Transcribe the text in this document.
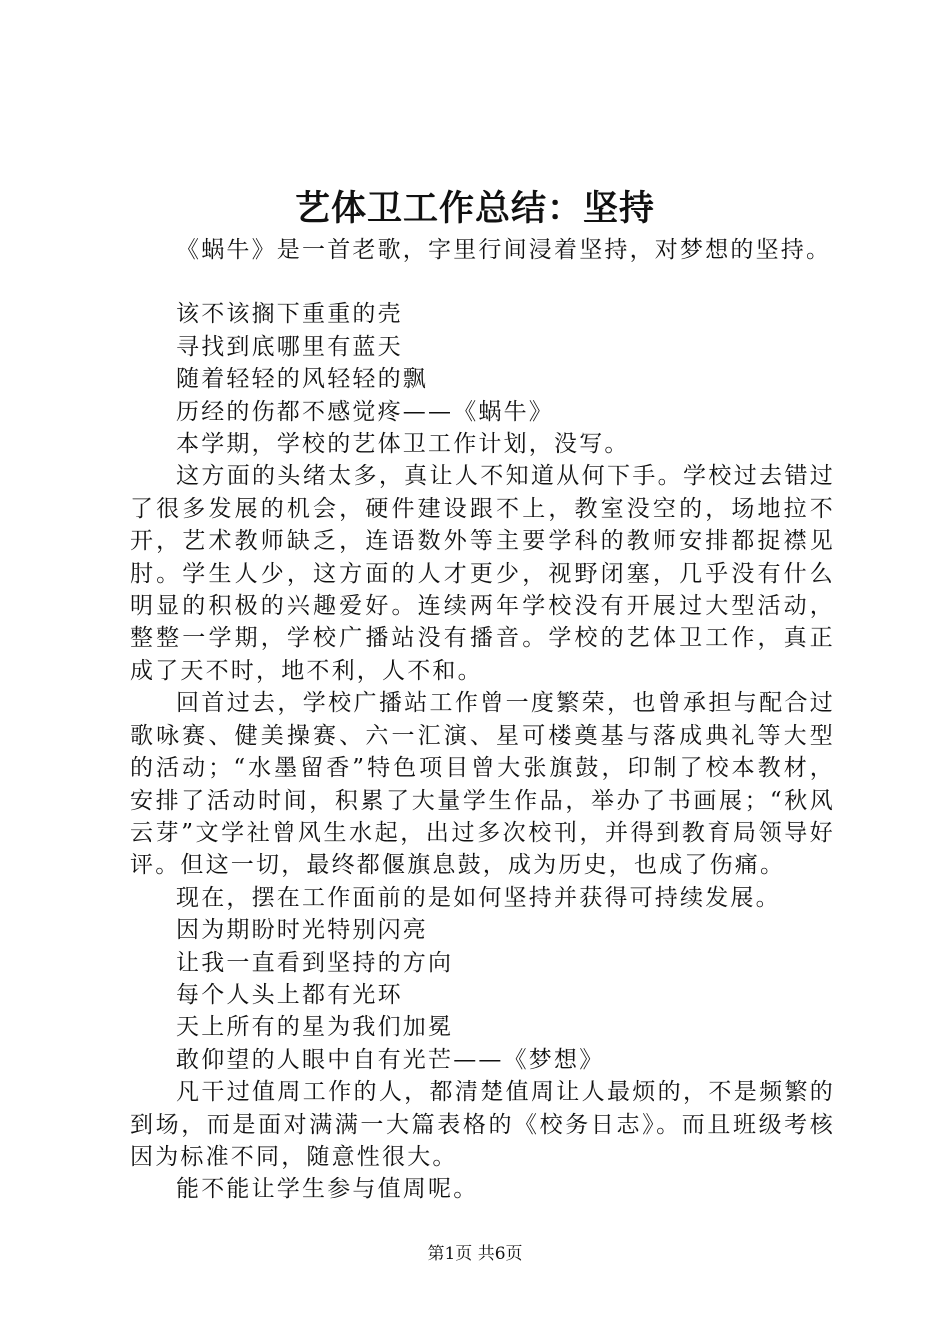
艺体卫工作总结：坚持

《蜗牛》是一首老歌，字里行间浸着坚持，对梦想的坚持。

该不该搁下重重的壳

寻找到底哪里有蓝天

随着轻轻的风轻轻的飘

历经的伤都不感觉疼——《蜗牛》

本学期，学校的艺体卫工作计划，没写。

这方面的头绪太多，真让人不知道从何下手。学校过去错过了很多发展的机会，硬件建设跟不上，教室没空的，场地拉不开，艺术教师缺乏，连语数外等主要学科的教师安排都捉襟见肘。学生人少，这方面的人才更少，视野闭塞，几乎没有什么明显的积极的兴趣爱好。连续两年学校没有开展过大型活动，整整一学期，学校广播站没有播音。学校的艺体卫工作，真正成了天不时，地不利，人不和。

回首过去，学校广播站工作曾一度繁荣，也曾承担与配合过歌咏赛、健美操赛、六一汇演、星可楼奠基与落成典礼等大型的活动；“水墨留香”特色项目曾大张旗鼓，印制了校本教材，安排了活动时间，积累了大量学生作品，举办了书画展；“秋风云芽”文学社曾风生水起，出过多次校刊，并得到教育局领导好评。但这一切，最终都偃旗息鼓，成为历史，也成了伤痛。

现在，摆在工作面前的是如何坚持并获得可持续发展。

因为期盼时光特别闪亮

让我一直看到坚持的方向

每个人头上都有光环

天上所有的星为我们加冕

敢仰望的人眼中自有光芒——《梦想》

凡干过值周工作的人，都清楚值周让人最烦的，不是频繁的到场，而是面对满满一大篇表格的《校务日志》。而且班级考核因为标准不同，随意性很大。

能不能让学生参与值周呢。

第1页 共6页
